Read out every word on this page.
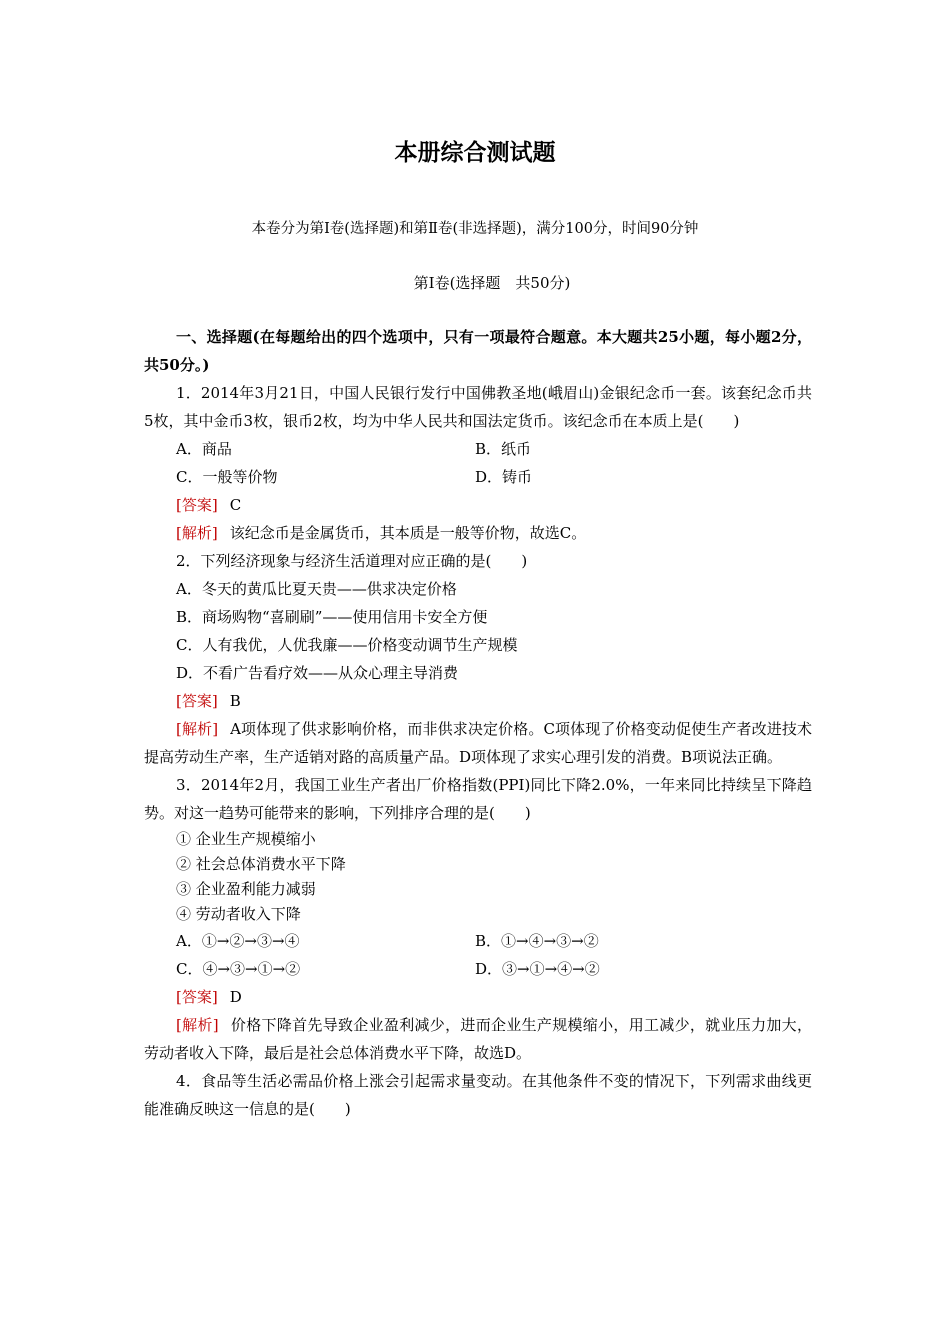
本册综合测试题
本卷分为第Ⅰ卷(选择题)和第Ⅱ卷(非选择题)，满分100分，时间90分钟
第Ⅰ卷(选择题　共50分)

一、选择题(在每题给出的四个选项中，只有一项最符合题意。本大题共25小题，每小题2分，共50分。)

1．2014年3月21日，中国人民银行发行中国佛教圣地(峨眉山)金银纪念币一套。该套纪念币共5枚，其中金币3枚，银币2枚，均为中华人民共和国法定货币。该纪念币在本质上是(　　)

A．商品	B．纸币
C．一般等价物	D．铸币

[答案] C

[解析] 该纪念币是金属货币，其本质是一般等价物，故选C。

2．下列经济现象与经济生活道理对应正确的是(　　)

A．冬天的黄瓜比夏天贵——供求决定价格

B．商场购物“喜刷刷”——使用信用卡安全方便

C．人有我优，人优我廉——价格变动调节生产规模

D．不看广告看疗效——从众心理主导消费

[答案] B

[解析] A项体现了供求影响价格，而非供求决定价格。C项体现了价格变动促使生产者改进技术提高劳动生产率，生产适销对路的高质量产品。D项体现了求实心理引发的消费。B项说法正确。

3．2014年2月，我国工业生产者出厂价格指数(PPI)同比下降2.0%，一年来同比持续呈下降趋势。对这一趋势可能带来的影响，下列排序合理的是(　　)

① 企业生产规模缩小

② 社会总体消费水平下降

③ 企业盈利能力减弱

④ 劳动者收入下降

A．①→②→③→④	B．①→④→③→②
C．④→③→①→②	D．③→①→④→②

[答案] D

[解析] 价格下降首先导致企业盈利减少，进而企业生产规模缩小，用工减少，就业压力加大，劳动者收入下降，最后是社会总体消费水平下降，故选D。

4．食品等生活必需品价格上涨会引起需求量变动。在其他条件不变的情况下，下列需求曲线更能准确反映这一信息的是(　　)
